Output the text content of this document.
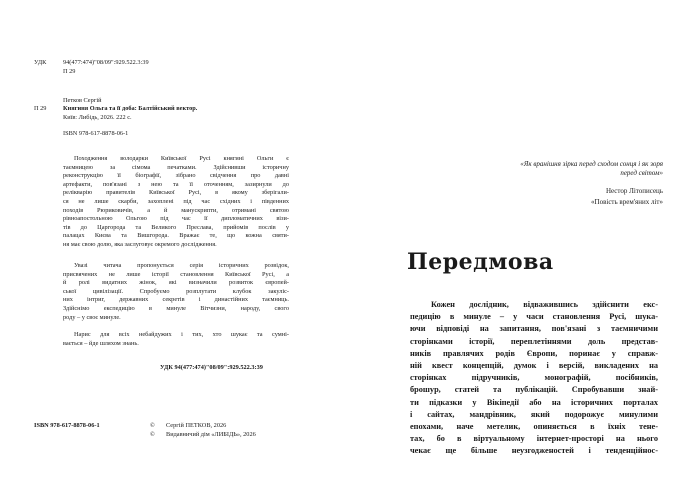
УДК	94(477:474)"08/09":929.522.3:39
П 29
Петков Сергій
П 29	Княгиня Ольга та її доба: Балтійський вектор.
Київ: Либідь, 2026. 222 с.
ISBN 978-617-8878-06-1
Походження володарки Київської Русі княгині Ольги є
таємницею за сімома печатками. Здійснивши історичну
реконструкцію її біографії, зібрано свідчення про давні
артефакти, пов'язані з нею та її оточенням, зазирнули до
релікварію правителів Київської Русі, в якому зберігали-
ся не лише скарби, захоплені під час східних і південних
походів Рюриковичів, а й манускрипти, отримані святою
рівноапостольною Ольгою під час її дипломатичних візи-
тів до Царгорода та Великого Преслава, прийомів послів у
палацах Києва та Вишгорода. Вражає те, що кожна святи-
ня має свою долю, яка заслуговує окремого дослідження.
Увазі читача пропонується серія історичних розвідок,
присвячених не лише історії становлення Київської Русі, а
й ролі видатних жінок, які визначили розвиток європей-
ської цивілізації. Спробуємо розплутати клубок закуліс-
них інтриг, державних секретів і династійних таємниць.
Здійснімо експедицію в минуле Вітчизни, народу, свого
роду – у своє минуле.
Нарис для всіх небайдужих і тих, хто шукає та сумні-
вається – йде шляхом знань.
УДК 94(477:474)"08/09":929.522.3:39
ISBN 978-617-8878-06-1	© Сергій ПЕТКОВ, 2026
© Видавничий дім «ЛИБІДЬ», 2026
«Як вранішня зірка перед сходом сонця і як зоря
перед світом»
Нестор Літописець
«Повість врем'яних літ»
Передмова
Кожен дослідник, відважившись здійснити екс-
педицію в минуле – у часи становлення Русі, шука-
ючи відповіді на запитання, пов'язані з таємничими
сторінками історії, переплетіннями доль представ-
ників правлячих родів Європи, поринає у справж-
ній квест концепцій, думок і версій, викладених на
сторінках підручників, монографій, посібників,
брошур, статей та публікацій. Спробувавши знай-
ти підказки у Вікіпедії або на історичних порталах
і сайтах, мандрівник, який подорожує минулими
епохами, наче метелик, опиняється в їхніх тене-
тах, бо в віртуальному інтернет-просторі на нього
чекає ще більше неузгодженостей і тенденційнос-
